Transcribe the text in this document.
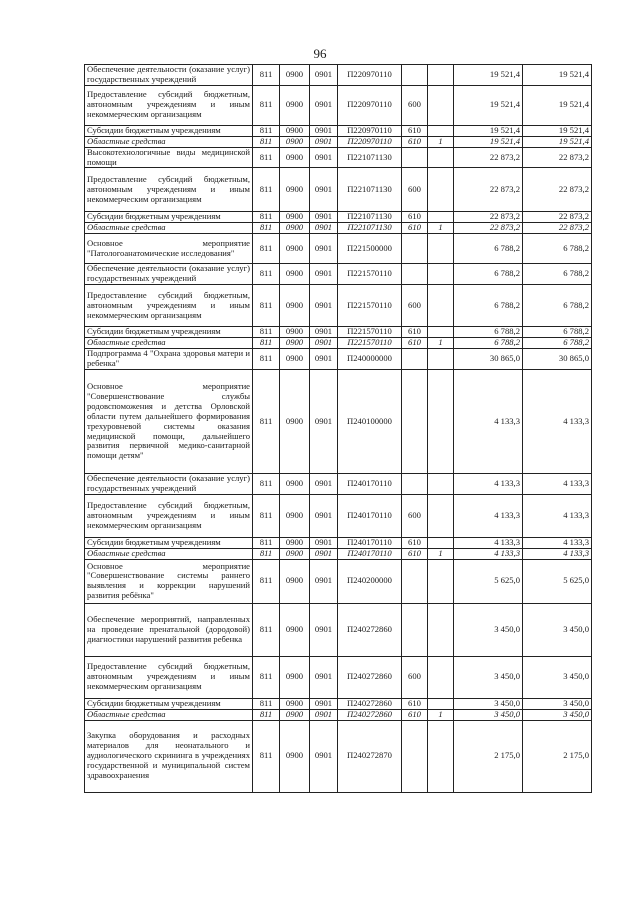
96
Обеспечение деятельности (оказание услуг) государственных учреждений	811	0900	0901	П220970110			19 521,4	19 521,4
Предоставление субсидий бюджетным, автономным учреждениям и иным некоммерческим организациям	811	0900	0901	П220970110	600		19 521,4	19 521,4
Субсидии бюджетным учреждениям	811	0900	0901	П220970110	610		19 521,4	19 521,4
Областные средства	811	0900	0901	П220970110	610	1	19 521,4	19 521,4
Высокотехнологичные виды медицинской помощи	811	0900	0901	П221071130			22 873,2	22 873,2
Предоставление субсидий бюджетным, автономным учреждениям и иным некоммерческим организациям	811	0900	0901	П221071130	600		22 873,2	22 873,2
Субсидии бюджетным учреждениям	811	0900	0901	П221071130	610		22 873,2	22 873,2
Областные средства	811	0900	0901	П221071130	610	1	22 873,2	22 873,2
Основное мероприятие "Патологоанатомические исследования"	811	0900	0901	П221500000			6 788,2	6 788,2
Обеспечение деятельности (оказание услуг) государственных учреждений	811	0900	0901	П221570110			6 788,2	6 788,2
Предоставление субсидий бюджетным, автономным учреждениям и иным некоммерческим организациям	811	0900	0901	П221570110	600		6 788,2	6 788,2
Субсидии бюджетным учреждениям	811	0900	0901	П221570110	610		6 788,2	6 788,2
Областные средства	811	0900	0901	П221570110	610	1	6 788,2	6 788,2
Подпрограмма 4 "Охрана здоровья матери и ребенка"	811	0900	0901	П240000000			30 865,0	30 865,0
Основное мероприятие "Совершенствование службы родовспоможения и детства Орловской области путем дальнейшего формирования трехуровневой системы оказания медицинской помощи, дальнейшего развития первичной медико-санитарной помощи детям"	811	0900	0901	П240100000			4 133,3	4 133,3
Обеспечение деятельности (оказание услуг) государственных учреждений	811	0900	0901	П240170110			4 133,3	4 133,3
Предоставление субсидий бюджетным, автономным учреждениям и иным некоммерческим организациям	811	0900	0901	П240170110	600		4 133,3	4 133,3
Субсидии бюджетным учреждениям	811	0900	0901	П240170110	610		4 133,3	4 133,3
Областные средства	811	0900	0901	П240170110	610	1	4 133,3	4 133,3
Основное мероприятие "Совершенствование системы раннего выявления и коррекции нарушений развития ребёнка"	811	0900	0901	П240200000			5 625,0	5 625,0
Обеспечение мероприятий, направленных на проведение пренатальной (дородовой) диагностики нарушений развития ребенка	811	0900	0901	П240272860			3 450,0	3 450,0
Предоставление субсидий бюджетным, автономным учреждениям и иным некоммерческим организациям	811	0900	0901	П240272860	600		3 450,0	3 450,0
Субсидии бюджетным учреждениям	811	0900	0901	П240272860	610		3 450,0	3 450,0
Областные средства	811	0900	0901	П240272860	610	1	3 450,0	3 450,0
Закупка оборудования и расходных материалов для неонатального и аудиологического скрининга в учреждениях государственной и муниципальной систем здравоохранения	811	0900	0901	П240272870			2 175,0	2 175,0
